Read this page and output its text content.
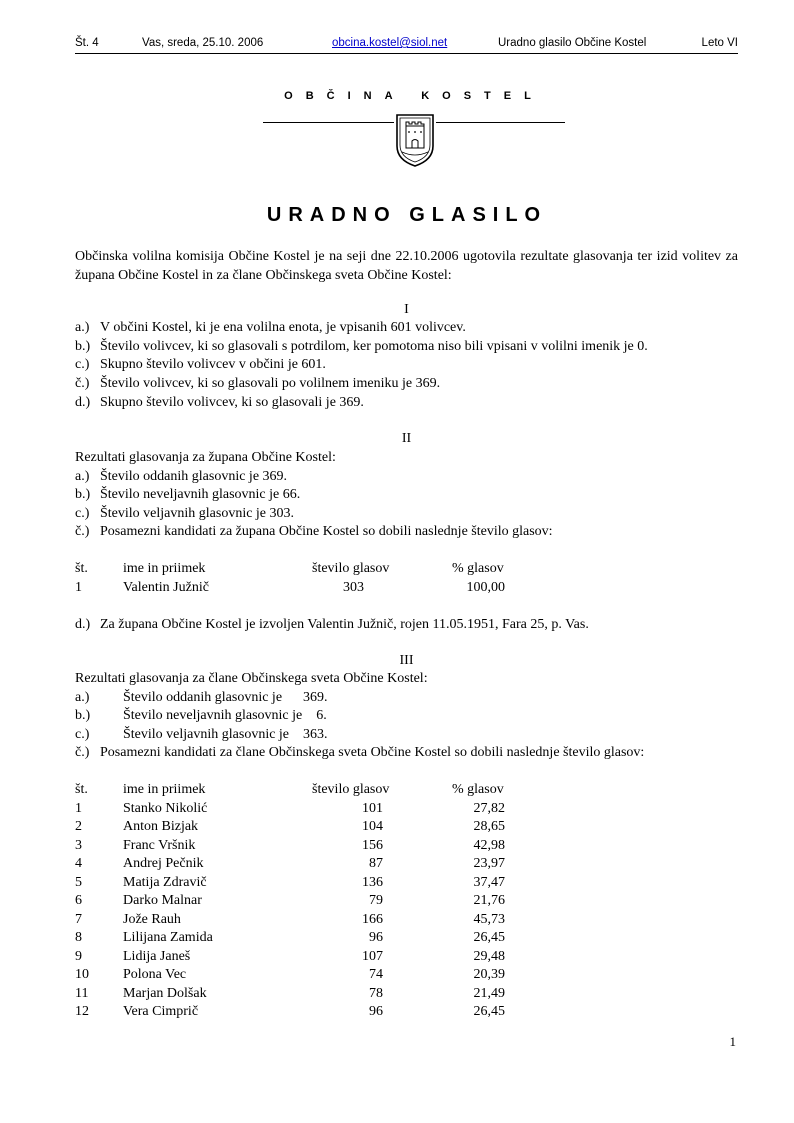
Št. 4	Vas, sreda, 25.10. 2006	obcina.kostel@siol.net	Uradno glasilo Občine Kostel	Leto VI
OBČINA KOSTEL
URADNO GLASILO
Občinska volilna komisija Občine Kostel je na seji dne 22.10.2006 ugotovila rezultate glasovanja ter izid volitev za župana Občine Kostel in za člane Občinskega sveta Občine Kostel:
I
a.) V občini Kostel, ki je ena volilna enota, je vpisanih 601 volivcev.
b.) Število volivcev, ki so glasovali s potrdilom, ker pomotoma niso bili vpisani v volilni imenik je 0.
c.) Skupno število volivcev v občini je 601.
č.) Število volivcev, ki so glasovali po volilnem imeniku je 369.
d.) Skupno število volivcev, ki so glasovali je 369.
II
Rezultati glasovanja za župana Občine Kostel:
a.) Število oddanih glasovnic je 369.
b.) Število neveljavnih glasovnic je 66.
c.) Število veljavnih glasovnic je 303.
č.) Posamezni kandidati za župana Občine Kostel so dobili naslednje število glasov:
št.	ime in priimek	število glasov	% glasov
1	Valentin Južnič	303	100,00
d.) Za župana Občine Kostel je izvoljen Valentin Južnič, rojen 11.05.1951, Fara 25, p. Vas.
III
Rezultati glasovanja za člane Občinskega sveta Občine Kostel:
a.) Število oddanih glasovnic je      369.
b.) Število neveljavnih glasovnic je    6.
c.) Število veljavnih glasovnic je    363.
č.) Posamezni kandidati za člane Občinskega sveta Občine Kostel so dobili naslednje število glasov:
št.	ime in priimek	število glasov	% glasov
1	Stanko Nikolić	101	27,82
2	Anton Bizjak	104	28,65
3	Franc Vršnik	156	42,98
4	Andrej Pečnik	87	23,97
5	Matija Zdravič	136	37,47
6	Darko Malnar	79	21,76
7	Jože Rauh	166	45,73
8	Lilijana Zamida	96	26,45
9	Lidija Janeš	107	29,48
10 Polona Vec	74	20,39
11 Marjan Dolšak	78	21,49
12 Vera Cimprič	96	26,45
1
